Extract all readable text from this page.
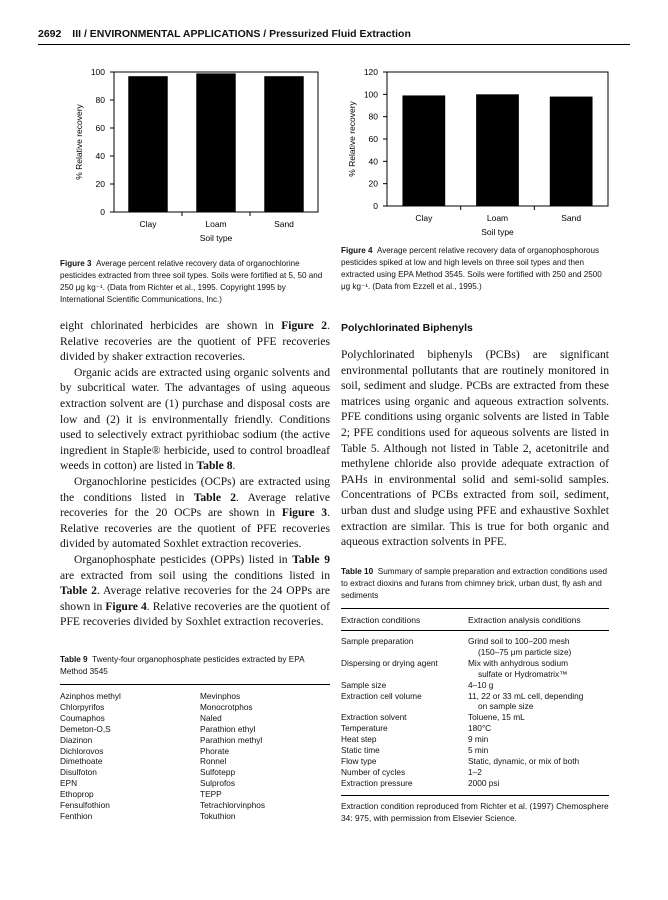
2692 III / ENVIRONMENTAL APPLICATIONS / Pressurized Fluid Extraction
0
20
40
60
80
100
Clay	Loam	Sand
Soil type
% Relative recovery
0
20
40
60
80
100
120
Clay	Loam	Sand
Soil type
% Relative recovery
Figure 3 Average percent relative recovery data of organochlorine pesticides extracted from three soil types. Soils were fortified at 5, 50 and 250 μg kg⁻¹. (Data from Richter et al., 1995. Copyright 1995 by International Scientific Communications, Inc.)
Figure 4 Average percent relative recovery data of organophosphorous pesticides spiked at low and high levels on three soil types and then extracted using EPA Method 3545. Soils were fortified with 250 and 2500 μg kg⁻¹. (Data from Ezzell et al., 1995.)

eight chlorinated herbicides are shown in Figure 2. Relative recoveries are the quotient of PFE recoveries divided by shaker extraction recoveries.

Organic acids are extracted using organic solvents and by subcritical water. The advantages of using aqueous extraction solvent are (1) purchase and disposal costs are low and (2) it is environmentally friendly. Conditions used to selectively extract pyrithiobac sodium (the active ingredient in Staple® herbicide, used to control broadleaf weeds in cotton) are listed in Table 8.

Organochlorine pesticides (OCPs) are extracted using the conditions listed in Table 2. Average relative recoveries for the 20 OCPs are shown in Figure 3. Relative recoveries are the quotient of PFE recoveries divided by automated Soxhlet extraction recoveries.

Organophosphate pesticides (OPPs) listed in Table 9 are extracted from soil using the conditions listed in Table 2. Average relative recoveries for the 24 OPPs are shown in Figure 4. Relative recoveries are the quotient of PFE recoveries divided by Soxhlet extraction recoveries.

Polychlorinated Biphenyls

Polychlorinated biphenyls (PCBs) are significant environmental pollutants that are routinely monitored in soil, sediment and sludge. PCBs are extracted from these matrices using organic and aqueous extraction solvents. PFE conditions using organic solvents are listed in Table 2; PFE conditions used for aqueous solvents are listed in Table 5. Although not listed in Table 2, acetonitrile and methylene chloride also provide adequate extraction of PAHs in environmental solid and semi-solid samples. Concentrations of PCBs extracted from soil, sediment, urban dust and sludge using PFE and exhaustive Soxhlet extraction are similar. This is true for both organic and aqueous extraction solvents in PFE.

Table 9 Twenty-four organophosphate pesticides extracted by EPA Method 3545
Azinphos methyl
Chlorpyrifos
Coumaphos
Demeton-O,S
Diazinon
Dichlorovos
Dimethoate
Disulfoton
EPN
Ethoprop
Fensulfothion
Fenthion
Mevinphos
Monocrotphos
Naled
Parathion ethyl
Parathion methyl
Phorate
Ronnel
Sulfotepp
Sulprofos
TEPP
Tetrachlorvinphos
Tokuthion
Table 10 Summary of sample preparation and extraction conditions used to extract dioxins and furans from chimney brick, urban dust, fly ash and sediments
Extraction conditions	Extraction analysis conditions
Sample preparation	Grind soil to 100–200 mesh
(150–75 μm particle size)
Dispersing or drying agent	Mix with anhydrous sodium
sulfate or Hydromatrix™
Sample size	4–10 g
Extraction cell volume	11, 22 or 33 mL cell, depending
on sample size
Extraction solvent	Toluene, 15 mL
Temperature	180°C
Heat step	9 min
Static time	5 min
Flow type	Static, dynamic, or mix of both
Number of cycles	1–2
Extraction pressure	2000 psi
Extraction condition reproduced from Richter et al. (1997) Chemosphere 34: 975, with permission from Elsevier Science.
